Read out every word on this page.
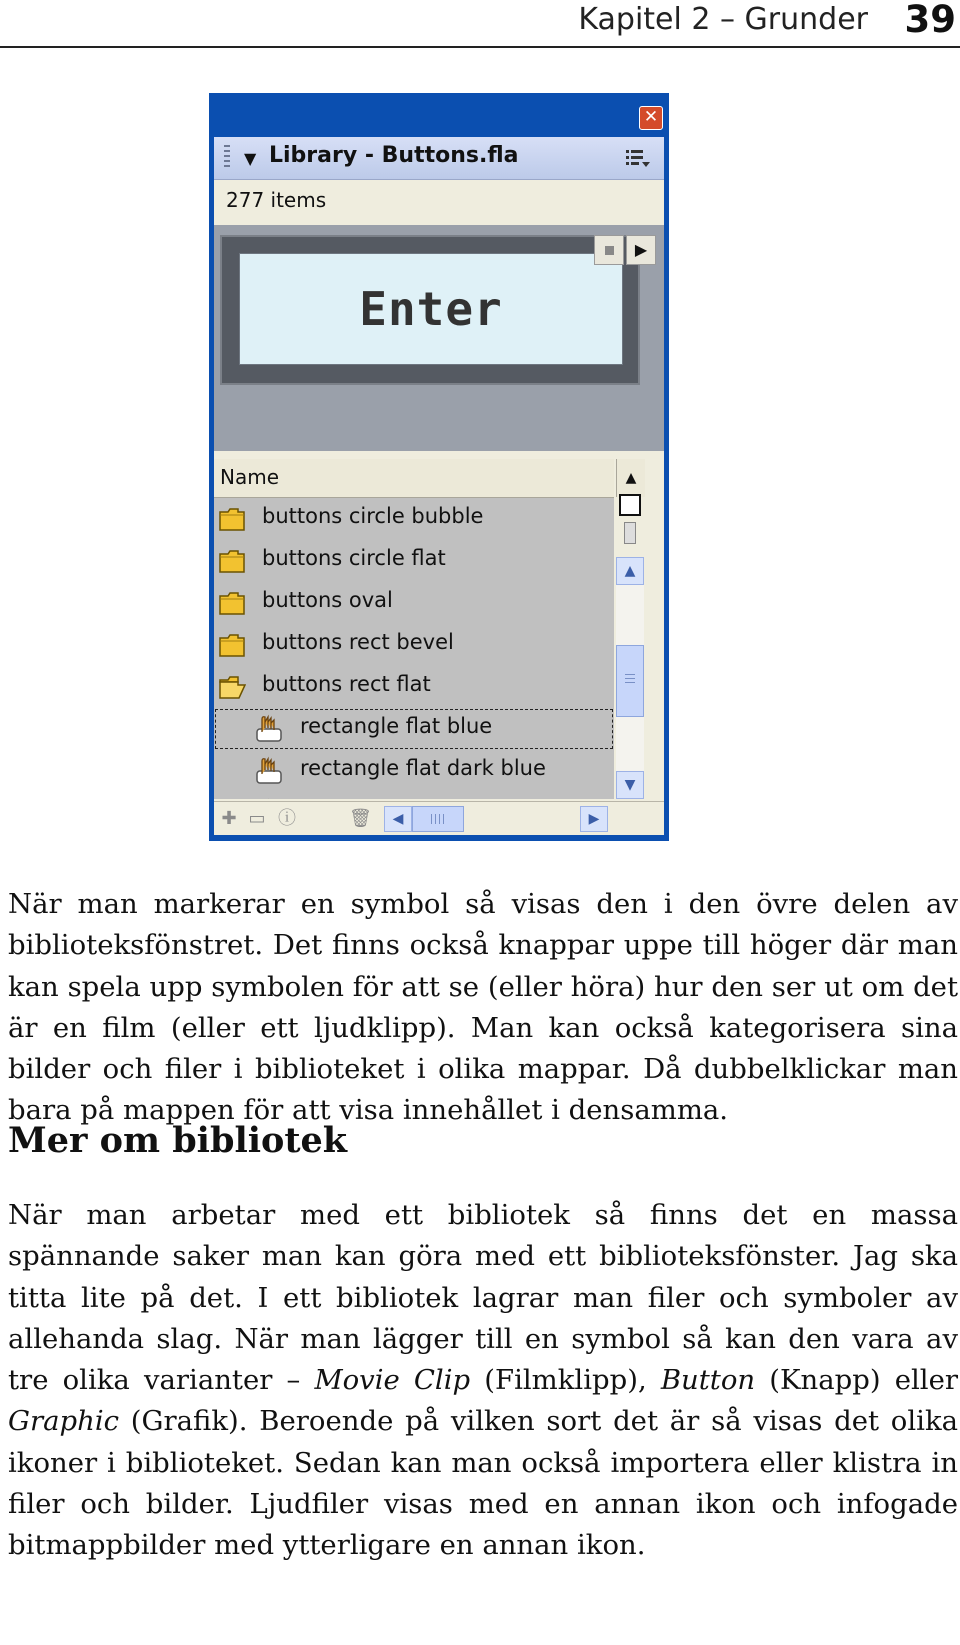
Kapitel 2 – Grunder 39
✕
▼ Library - Buttons.fla
277 items
Enter
▶
Name	▲
buttons circle bubble
buttons circle flat
buttons oval
buttons rect bevel
buttons rect flat
rectangle flat blue
rectangle flat dark blue
▲
▼
✚ ▭ ⓘ	🗑	◀	▶

När man markerar en symbol så visas den i den övre delen av biblioteksfönstret. Det finns också knappar uppe till höger där man kan spela upp symbolen för att se (eller höra) hur den ser ut om det är en film (eller ett ljudklipp). Man kan också kategorisera sina bilder och filer i biblioteket i olika mappar. Då dubbelklickar man bara på mappen för att visa innehållet i densamma.

Mer om bibliotek

När man arbetar med ett bibliotek så finns det en massa spännande saker man kan göra med ett biblioteksfönster. Jag ska titta lite på det. I ett bibliotek lagrar man filer och symboler av allehanda slag. När man lägger till en symbol så kan den vara av tre olika varianter – Movie Clip (Filmklipp), Button (Knapp) eller Graphic (Grafik). Beroende på vilken sort det är så visas det olika ikoner i biblioteket. Sedan kan man också importera eller klistra in filer och bilder. Ljudfiler visas med en annan ikon och infogade bitmappbilder med ytterligare en annan ikon.
